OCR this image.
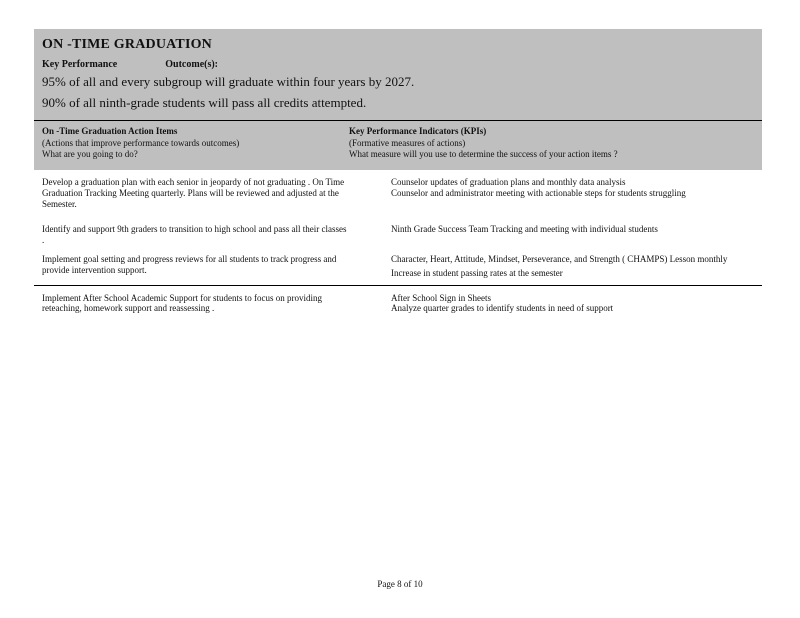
ON -TIME GRADUATION
Key Performance	Outcome(s):
95% of all and every subgroup will graduate within four years by 2027.
90% of all ninth-grade students will pass all credits attempted.
On -Time Graduation Action Items
(Actions that improve performance towards outcomes)
What are you going to do?
Key Performance Indicators (KPIs)
(Formative measures of actions)
What measure will you use to determine the success of your action items ?
Develop a graduation plan with each senior in jeopardy of not graduating . On Time Graduation Tracking Meeting quarterly. Plans will be reviewed and adjusted at the Semester.
Counselor updates of graduation plans and monthly data analysis
Counselor and administrator meeting with actionable steps for students struggling
Identify and support 9th graders to transition to high school and pass all their classes .
Ninth Grade Success Team Tracking and meeting with individual students
Implement goal setting and progress reviews for all students to track progress and provide intervention support.
Character, Heart, Attitude, Mindset, Perseverance, and Strength ( CHAMPS) Lesson monthly
Increase in student passing rates at the semester
Implement After School Academic Support for students to focus on providing reteaching, homework support and reassessing .
After School Sign in Sheets
Analyze quarter grades to identify students in need of support
Page 8 of 10
